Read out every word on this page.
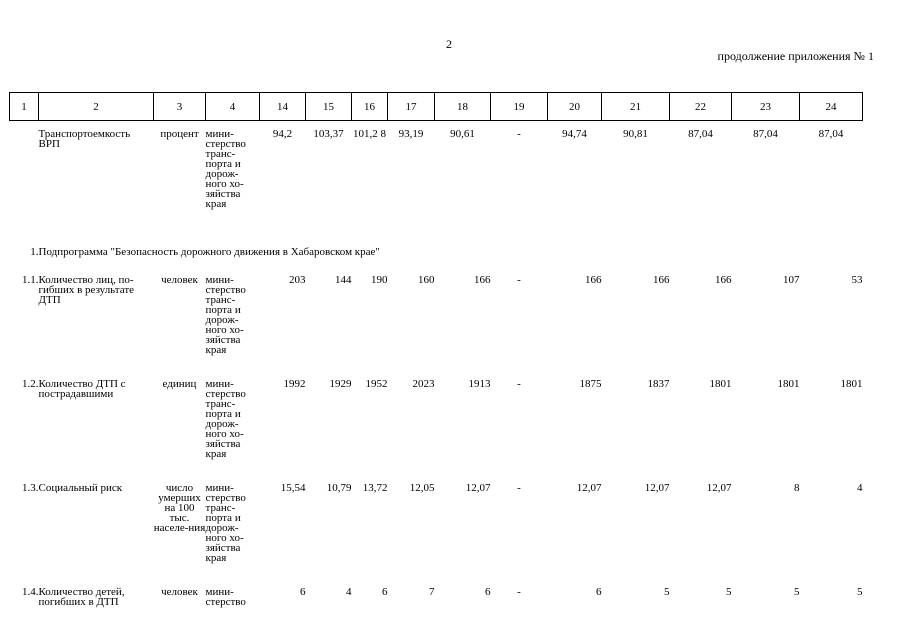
2
продолжение приложения № 1
1	2	3	4	14	15	16	17	18	19	20	21	22	23	24

	Транспортоемкость ВРП	процент	мини-стерство транс-порта и дорож-ного хо-зяйства края	94,2	103,37	101,2 8	93,19	90,61	-	94,74	90,81	87,04	87,04	87,04
1.	Подпрограмма "Безопасность дорожного движения в Хабаровском крае"													
1.1.	Количество лиц, по-гибших в результате ДТП	человек	мини-стерство транс-порта и дорож-ного хо-зяйства края	203	144	190	160	166	-	166	166	166	107	53
1.2.	Количество ДТП с пострадавшими	единиц	мини-стерство транс-порта и дорож-ного хо-зяйства края	1992	1929	1952	2023	1913	-	1875	1837	1801	1801	1801
1.3.	Социальный риск	число умерших на 100 тыс. населе-ния	мини-стерство транс-порта и дорож-ного хо-зяйства края	15,54	10,79	13,72	12,05	12,07	-	12,07	12,07	12,07	8	4
1.4.	Количество детей, погибших в ДТП	человек	мини-стерство	6	4	6	7	6	-	6	5	5	5	5
